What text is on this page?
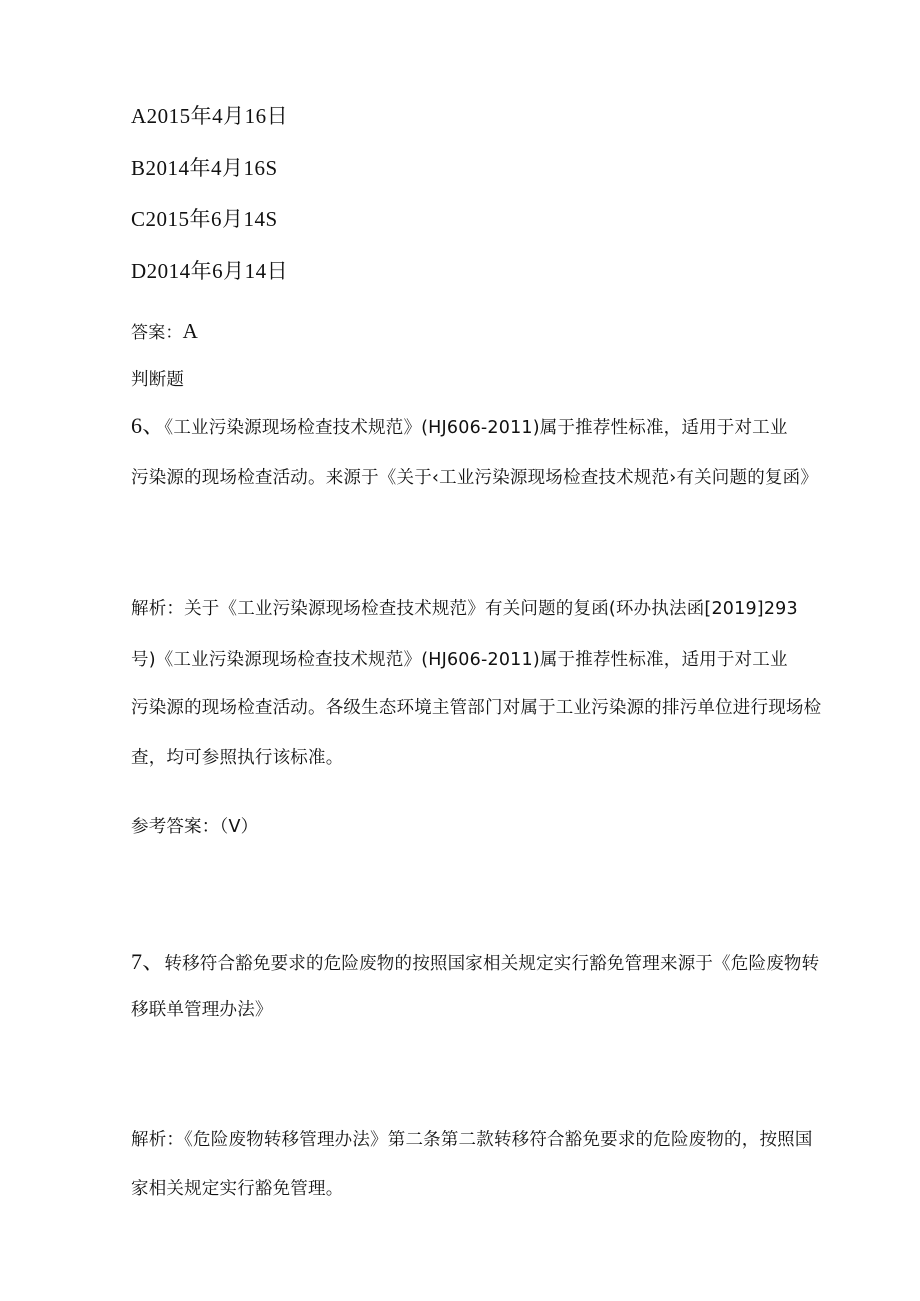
A2015年4月16日
B2014年4月16S
C2015年6月14S
D2014年6月14日
答案：A
判断题
6、《工业污染源现场检查技术规范》(HJ606-2011)属于推荐性标准，适用于对工业
污染源的现场检查活动。来源于《关于‹工业污染源现场检查技术规范›有关问题的复函》
解析：关于《工业污染源现场检查技术规范》有关问题的复函(环办执法函[2019]293
号)《工业污染源现场检查技术规范》(HJ606-2011)属于推荐性标准，适用于对工业
污染源的现场检查活动。各级生态环境主管部门对属于工业污染源的排污单位进行现场检
查，均可参照执行该标准。
参考答案：（V）
7、转移符合豁免要求的危险废物的按照国家相关规定实行豁免管理来源于《危险废物转
移联单管理办法》
解析：《危险废物转移管理办法》第二条第二款转移符合豁免要求的危险废物的，按照国
家相关规定实行豁免管理。
